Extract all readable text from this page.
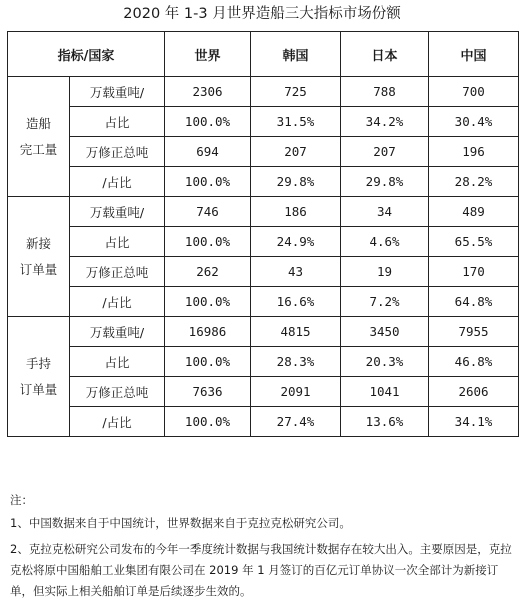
2020 年 1-3 月世界造船三大指标市场份额
指标/国家		世界	韩国	日本	中国

造船
完工量	万载重吨/	2306	725	788	700
	占比	100.0%	31.5%	34.2%	30.4%
	万修正总吨	694	207	207	196
	/占比	100.0%	29.8%	29.8%	28.2%

新接
订单量	万载重吨/	746	186	34	489
	占比	100.0%	24.9%	4.6%	65.5%
	万修正总吨	262	43	19	170
	/占比	100.0%	16.6%	7.2%	64.8%

手持
订单量	万载重吨/	16986	4815	3450	7955
	占比	100.0%	28.3%	20.3%	46.8%
	万修正总吨	7636	2091	1041	2606
	/占比	100.0%	27.4%	13.6%	34.1%

注：

1、中国数据来自于中国统计，世界数据来自于克拉克松研究公司。

2、克拉克松研究公司发布的今年一季度统计数据与我国统计数据存在较大出入。主要原因是，克拉克松将原中国船舶工业集团有限公司在 2019 年 1 月签订的百亿元订单协议一次全部计为新接订单，但实际上相关船舶订单是后续逐步生效的。
